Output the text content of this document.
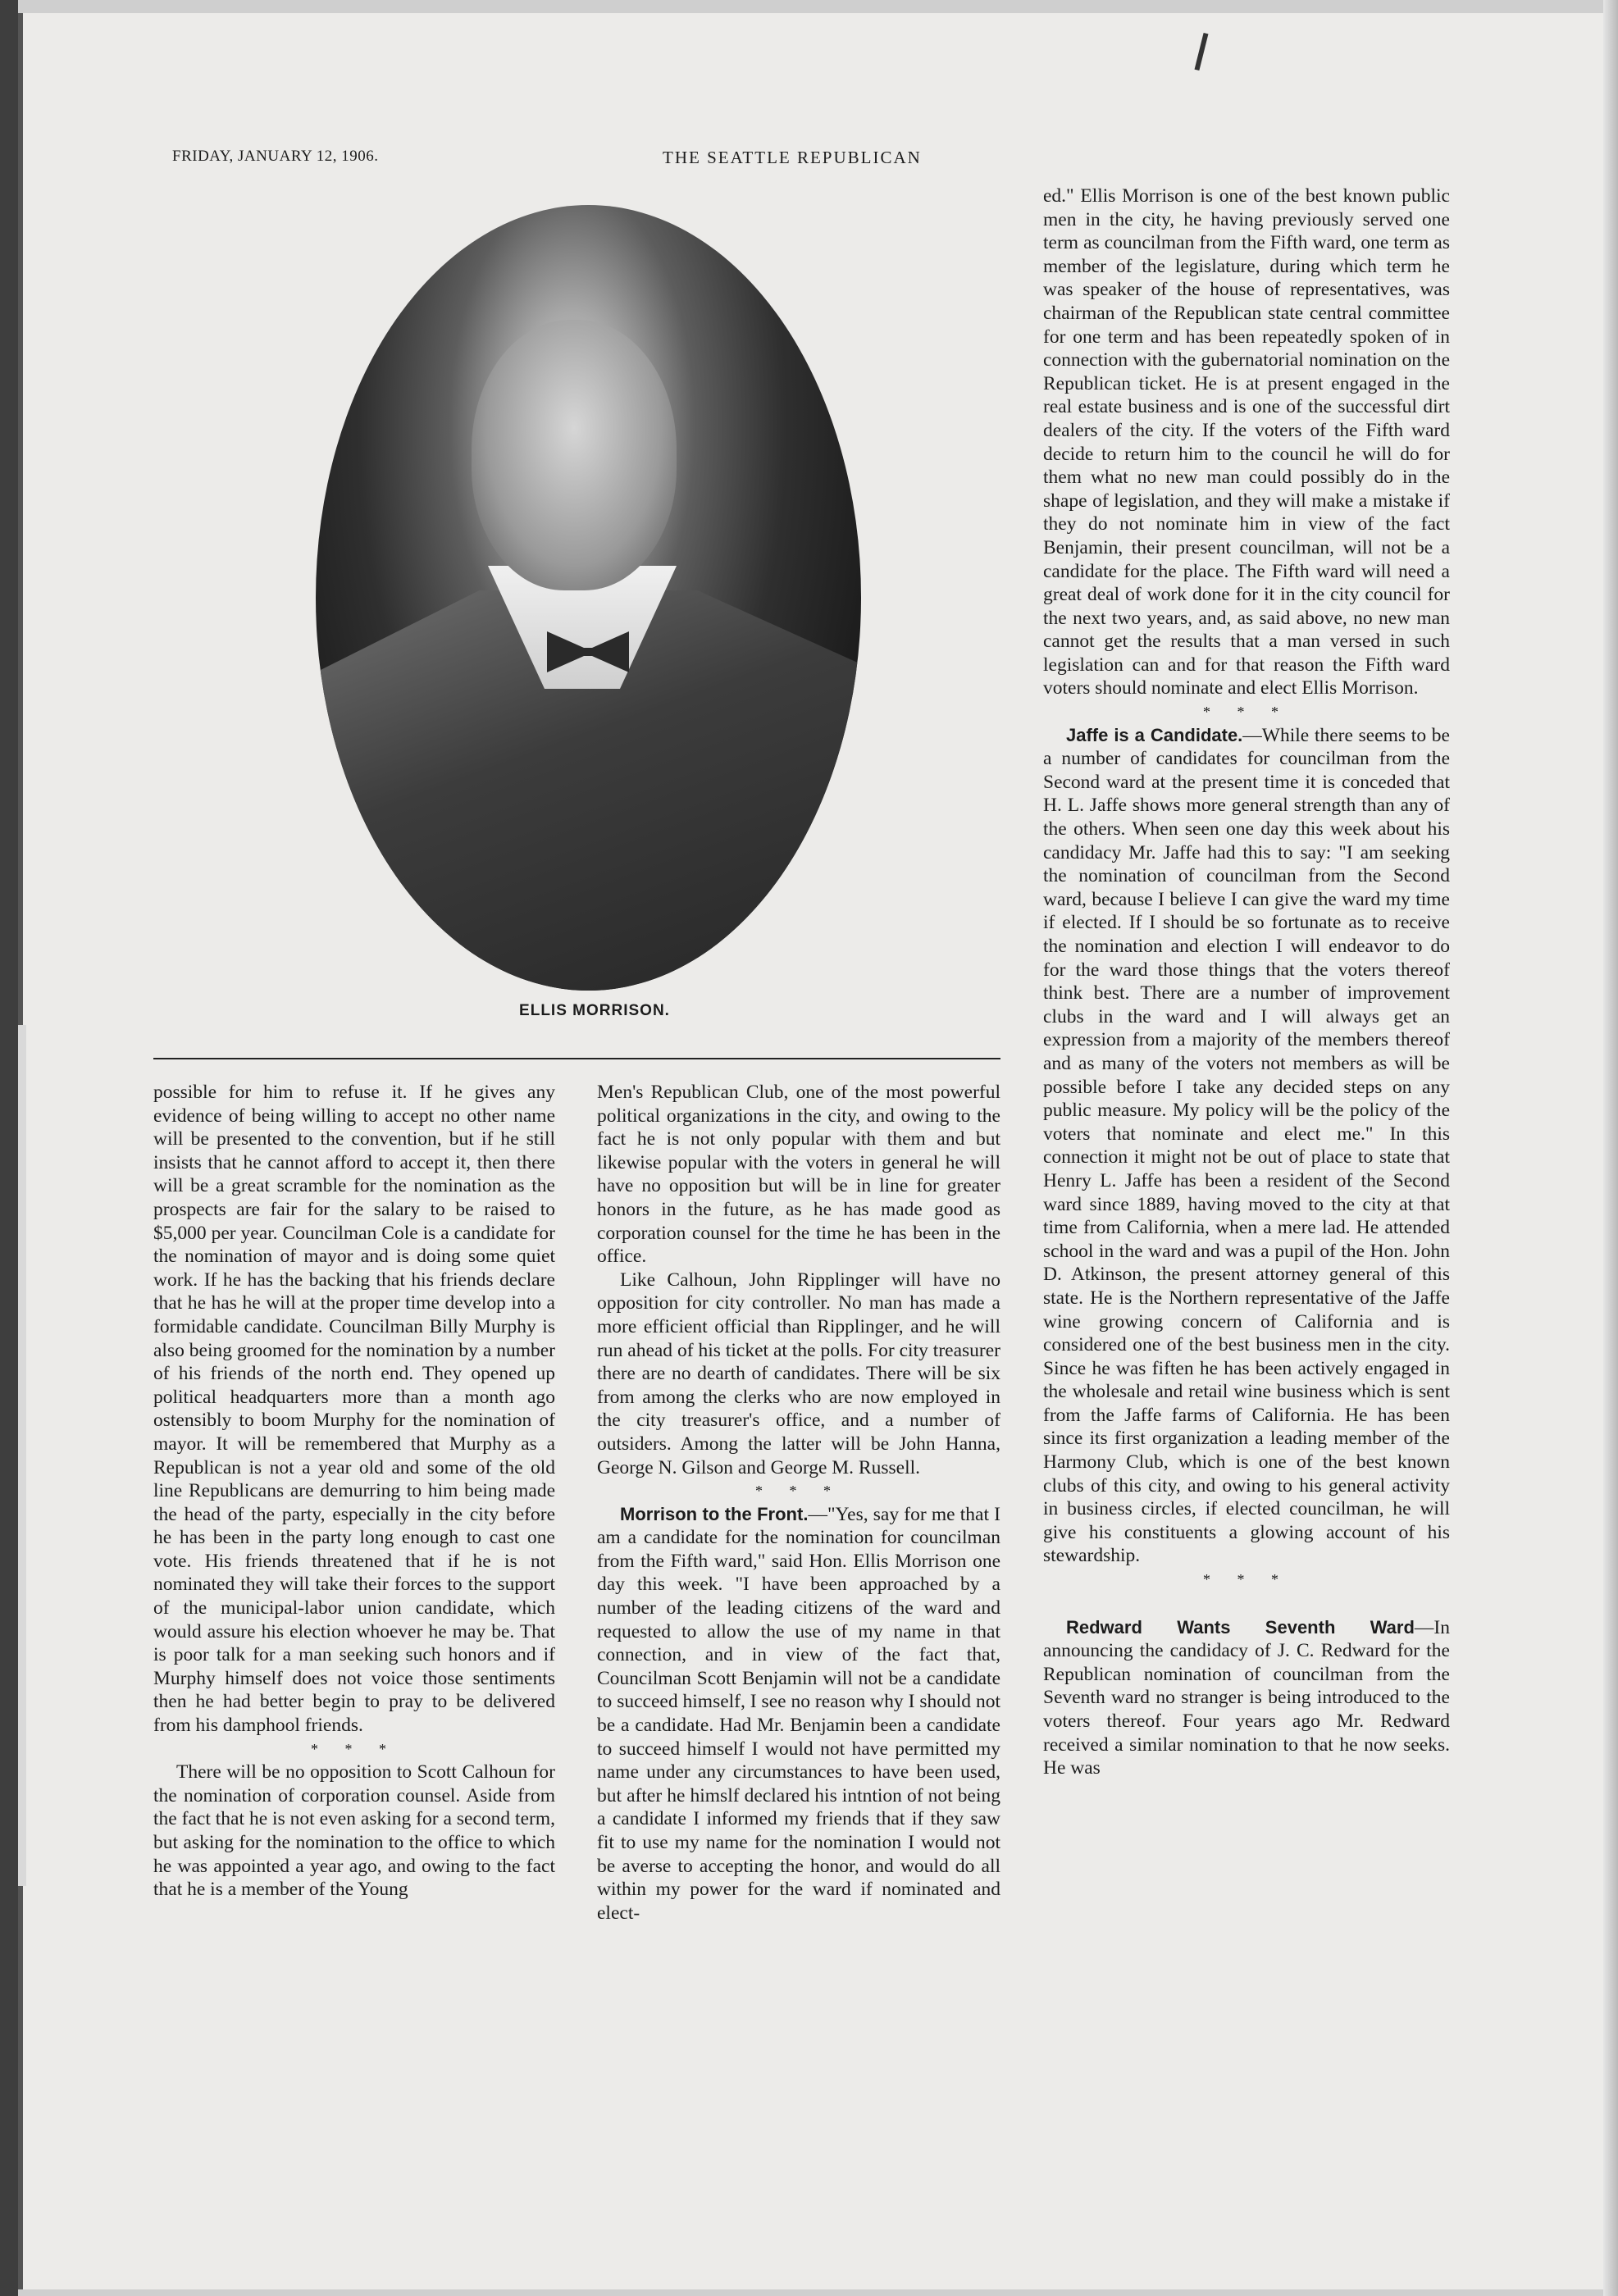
FRIDAY, JANUARY 12, 1906.	THE SEATTLE REPUBLICAN
ELLIS MORRISON.

possible for him to refuse it. If he gives any evidence of being willing to accept no other name will be presented to the convention, but if he still insists that he cannot afford to accept it, then there will be a great scramble for the nomination as the prospects are fair for the salary to be raised to $5,000 per year. Councilman Cole is a candidate for the nomination of mayor and is doing some quiet work. If he has the backing that his friends declare that he has he will at the proper time develop into a formidable candidate. Councilman Billy Murphy is also being groomed for the nomination by a number of his friends of the north end. They opened up political headquarters more than a month ago ostensibly to boom Murphy for the nomination of mayor. It will be remembered that Murphy as a Republican is not a year old and some of the old line Republicans are demurring to him being made the head of the party, especially in the city before he has been in the party long enough to cast one vote. His friends threatened that if he is not nominated they will take their forces to the support of the municipal-labor union candidate, which would assure his election whoever he may be. That is poor talk for a man seeking such honors and if Murphy himself does not voice those sentiments then he had better begin to pray to be delivered from his damphool friends.

* * *

There will be no opposition to Scott Calhoun for the nomination of corporation counsel. Aside from the fact that he is not even asking for a second term, but asking for the nomination to the office to which he was appointed a year ago, and owing to the fact that he is a member of the Young

Men's Republican Club, one of the most powerful political organizations in the city, and owing to the fact he is not only popular with them and but likewise popular with the voters in general he will have no opposition but will be in line for greater honors in the future, as he has made good as corporation counsel for the time he has been in the office.

Like Calhoun, John Ripplinger will have no opposition for city controller. No man has made a more efficient official than Ripplinger, and he will run ahead of his ticket at the polls. For city treasurer there are no dearth of candidates. There will be six from among the clerks who are now employed in the city treasurer's office, and a number of outsiders. Among the latter will be John Hanna, George N. Gilson and George M. Russell.

* * *

Morrison to the Front.—"Yes, say for me that I am a candidate for the nomination for councilman from the Fifth ward," said Hon. Ellis Morrison one day this week. "I have been approached by a number of the leading citizens of the ward and requested to allow the use of my name in that connection, and in view of the fact that, Councilman Scott Benjamin will not be a candidate to succeed himself, I see no reason why I should not be a candidate. Had Mr. Benjamin been a candidate to succeed himself I would not have permitted my name under any circumstances to have been used, but after he himslf declared his intntion of not being a candidate I informed my friends that if they saw fit to use my name for the nomination I would not be averse to accepting the honor, and would do all within my power for the ward if nominated and elect-

ed." Ellis Morrison is one of the best known public men in the city, he having previously served one term as councilman from the Fifth ward, one term as member of the legislature, during which term he was speaker of the house of representatives, was chairman of the Republican state central committee for one term and has been repeatedly spoken of in connection with the gubernatorial nomination on the Republican ticket. He is at present engaged in the real estate business and is one of the successful dirt dealers of the city. If the voters of the Fifth ward decide to return him to the council he will do for them what no new man could possibly do in the shape of legislation, and they will make a mistake if they do not nominate him in view of the fact Benjamin, their present councilman, will not be a candidate for the place. The Fifth ward will need a great deal of work done for it in the city council for the next two years, and, as said above, no new man cannot get the results that a man versed in such legislation can and for that reason the Fifth ward voters should nominate and elect Ellis Morrison.

* * *

Jaffe is a Candidate.—While there seems to be a number of candidates for councilman from the Second ward at the present time it is conceded that H. L. Jaffe shows more general strength than any of the others. When seen one day this week about his candidacy Mr. Jaffe had this to say: "I am seeking the nomination of councilman from the Second ward, because I believe I can give the ward my time if elected. If I should be so fortunate as to receive the nomination and election I will endeavor to do for the ward those things that the voters thereof think best. There are a number of improvement clubs in the ward and I will always get an expression from a majority of the members thereof and as many of the voters not members as will be possible before I take any decided steps on any public measure. My policy will be the policy of the voters that nominate and elect me." In this connection it might not be out of place to state that Henry L. Jaffe has been a resident of the Second ward since 1889, having moved to the city at that time from California, when a mere lad. He attended school in the ward and was a pupil of the Hon. John D. Atkinson, the present attorney general of this state. He is the Northern representative of the Jaffe wine growing concern of California and is considered one of the best business men in the city. Since he was fiften he has been actively engaged in the wholesale and retail wine business which is sent from the Jaffe farms of California. He has been since its first organization a leading member of the Harmony Club, which is one of the best known clubs of this city, and owing to his general activity in business circles, if elected councilman, he will give his constituents a glowing account of his stewardship.

* * *

Redward Wants Seventh Ward—In announcing the candidacy of J. C. Redward for the Republican nomination of councilman from the Seventh ward no stranger is being introduced to the voters thereof. Four years ago Mr. Redward received a similar nomination to that he now seeks. He was
